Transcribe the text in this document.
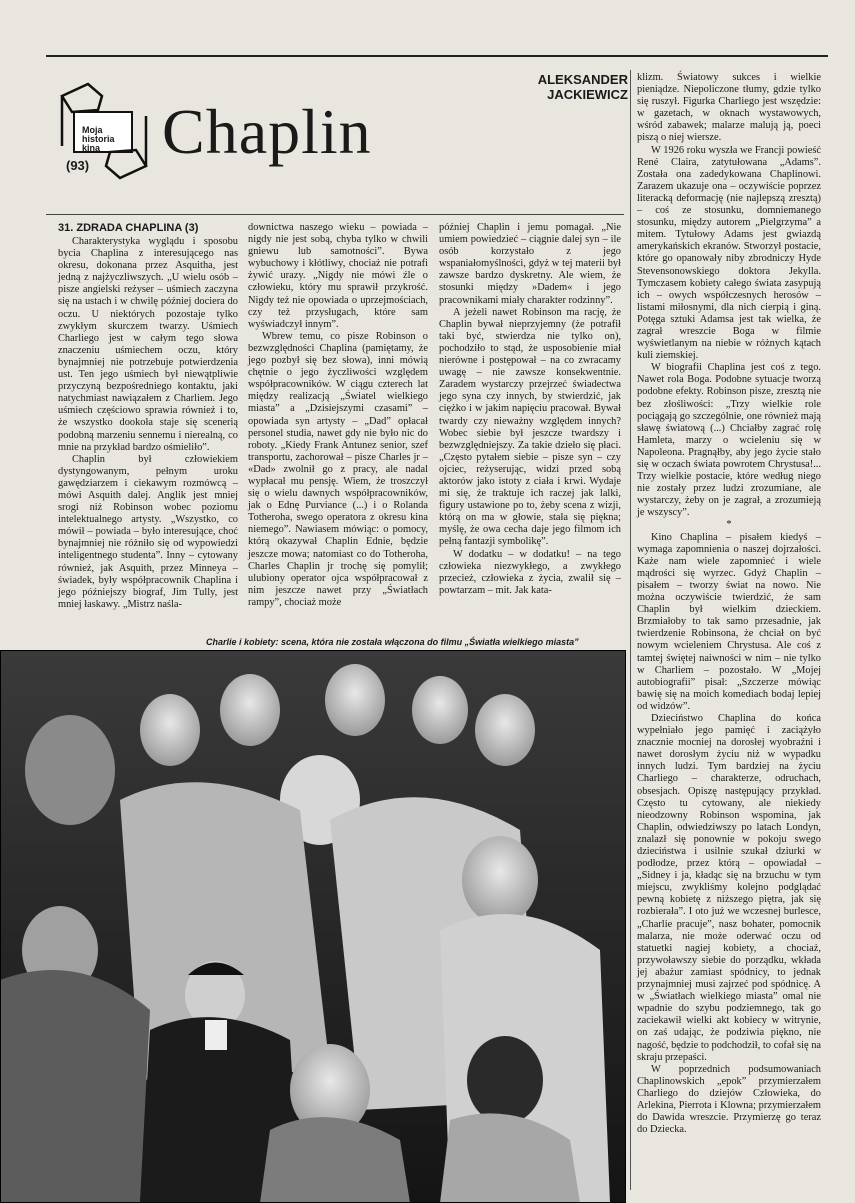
Moja historia kina
(93) Chaplin
ALEKSANDER JACKIEWICZ
31. ZDRADA CHAPLINA (3)

Charakterystyka wyglądu i sposobu bycia Chaplina z interesującego nas okresu, dokonana przez Asquitha, jest jedną z najżyczliwszych. „U wielu osób – pisze angielski reżyser – uśmiech zaczyna się na ustach i w chwilę później dociera do oczu. U niektórych pozostaje tylko zwykłym skurczem twarzy. Uśmiech Charliego jest w całym tego słowa znaczeniu uśmiechem oczu, który bynajmniej nie potrzebuje potwierdzenia ust. Ten jego uśmiech był niewątpliwie przyczyną bezpośredniego kontaktu, jaki natychmiast nawiązałem z Charliem. Jego uśmiech częściowo sprawia również i to, że wszystko dookoła staje się scenerią podobną marzeniu sennemu i nierealną, co mnie na przykład bardzo ośmieliło”.

Chaplin był człowiekiem dystyngowanym, pełnym uroku gawędziarzem i ciekawym rozmówcą – mówi Asquith dalej. Anglik jest mniej srogi niż Robinson wobec poziomu intelektualnego artysty. „Wszystko, co mówił – powiada – było interesujące, choć bynajmniej nie różniło się od wypowiedzi inteligentnego studenta”. Inny – cytowany również, jak Asquith, przez Minneya – świadek, były współpracownik Chaplina i jego późniejszy biograf, Jim Tully, jest mniej łaskawy. „Mistrz naśla-

downictwa naszego wieku – powiada – nigdy nie jest sobą, chyba tylko w chwili gniewu lub samotności”. Bywa wybuchowy i kłótliwy, chociaż nie potrafi żywić urazy. „Nigdy nie mówi źle o człowieku, który mu sprawił przykrość. Nigdy też nie opowiada o uprzejmościach, czy też przysługach, które sam wyświadczył innym”.

Wbrew temu, co pisze Robinson o bezwzględności Chaplina (pamiętamy, że jego pozbył się bez słowa), inni mówią chętnie o jego życzliwości względem współpracowników. W ciągu czterech lat między realizacją „Światel wielkiego miasta” a „Dzisiejszymi czasami” – opowiada syn artysty – „Dad” opłacał personel studia, nawet gdy nie było nic do roboty. „Kiedy Frank Antunez senior, szef transportu, zachorował – pisze Charles jr – «Dad» zwolnił go z pracy, ale nadal wypłacał mu pensję. Wiem, że troszczył się o wielu dawnych współpracowników, jak o Ednę Purviance (...) i o Rolanda Totheroha, swego operatora z okresu kina niemego”. Nawiasem mówiąc: o pomocy, którą okazywał Chaplin Ednie, będzie jeszcze mowa; natomiast co do Totheroha, Charles Chaplin jr trochę się pomylił; ulubiony operator ojca współpracował z nim jeszcze nawet przy „Światłach rampy”, chociaż może

później Chaplin i jemu pomagał. „Nie umiem powiedzieć – ciągnie dalej syn – ile osób korzystało z jego wspaniałomyślności, gdyż w tej materii był zawsze bardzo dyskretny. Ale wiem, że stosunki między »Dadem« i jego pracownikami miały charakter rodzinny”.

A jeżeli nawet Robinson ma rację, że Chaplin bywał nieprzyjemny (że potrafił taki być, stwierdza nie tylko on), pochodziło to stąd, że usposobienie miał nierówne i postępował – na co zwracamy uwagę – nie zawsze konsekwentnie. Zaradem wystarczy przejrzeć świadectwa jego syna czy innych, by stwierdzić, jak ciężko i w jakim napięciu pracował. Bywał twardy czy nieważny względem innych? Wobec siebie był jeszcze twardszy i bezwzględniejszy. Za takie dzieło się płaci. „Często pytałem siebie – pisze syn – czy ojciec, reżyserując, widzi przed sobą aktorów jako istoty z ciała i krwi. Wydaje mi się, że traktuje ich raczej jak lalki, figury ustawione po to, żeby scena z wizji, którą on ma w głowie, stała się piękna; myślę, że owa cecha daje jego filmom ich pełną fantazji symbolikę”.

W dodatku – w dodatku! – na tego człowieka niezwykłego, a zwykłego przecież, człowieka z życia, zwalił się – powtarzam – mit. Jak kata-

klizm. Światowy sukces i wielkie pieniądze. Niepoliczone tłumy, gdzie tylko się ruszył. Figurka Charliego jest wszędzie: w gazetach, w oknach wystawowych, wśród zabawek; malarze malują ją, poeci piszą o niej wiersze.

W 1926 roku wyszła we Francji powieść René Claira, zatytułowana „Adams”. Została ona zadedykowana Chaplinowi. Zarazem ukazuje ona – oczywiście poprzez literacką deformację (nie najlepszą zresztą) – coś ze stosunku, domniemanego stosunku, między autorem „Pielgrzyma” a mitem. Tytułowy Adams jest gwiazdą amerykańskich ekranów. Stworzył postacie, które go opanowały niby zbrodniczy Hyde Stevensonowskiego doktora Jekylla. Tymczasem kobiety całego świata zasypują ich – owych współczesnych herosów – listami miłosnymi, dla nich cierpią i giną. Potęga sztuki Adamsa jest tak wielka, że zagrał wreszcie Boga w filmie wyświetlanym na niebie w różnych kątach kuli ziemskiej.

W biografii Chaplina jest coś z tego. Nawet rola Boga. Podobne sytuacje tworzą podobne efekty. Robinson pisze, zresztą nie bez złośliwości: „Trzy wielkie role pociągają go szczególnie, one również mają sławę światową (...) Chciałby zagrać rolę Hamleta, marzy o wcieleniu się w Napoleona. Pragnąłby, aby jego życie stało się w oczach świata powrotem Chrystusa!... Trzy wielkie postacie, które według niego nie zostały przez ludzi zrozumiane, ale wystarczy, żeby on je zagrał, a zrozumieją je wszyscy”.

*

Kino Chaplina – pisałem kiedyś – wymaga zapomnienia o naszej dojrzałości. Każe nam wiele zapomnieć i wiele mądrości się wyrzec. Gdyż Chaplin – pisałem – tworzy świat na nowo. Nie można oczywiście twierdzić, że sam Chaplin był wielkim dzieckiem. Brzmiałoby to tak samo przesadnie, jak twierdzenie Robinsona, że chciał on być nowym wcieleniem Chrystusa. Ale coś z tamtej świętej naiwności w nim – nie tylko w Charliem – pozostało. W „Mojej autobiografii” pisał: „Szczerze mówiąc bawię się na moich komediach bodaj lepiej od widzów”.

Dzieciństwo Chaplina do końca wypełniało jego pamięć i zaciążyło znacznie mocniej na dorosłej wyobraźni i nawet dorosłym życiu niż w wypadku innych ludzi. Tym bardziej na życiu Charliego – charakterze, odruchach, obsesjach. Opiszę następujący przykład. Często tu cytowany, ale niekiedy nieodzowny Robinson wspomina, jak Chaplin, odwiedziwszy po latach Londyn, znalazł się ponownie w pokoju swego dzieciństwa i usilnie szukał dziurki w podłodze, przez którą – opowiadał – „Sidney i ja, kładąc się na brzuchu w tym miejscu, zwykliśmy kolejno podglądać pewną kobietę z niższego piętra, jak się rozbierała”. I oto już we wczesnej burlesce, „Charlie pracuje”, nasz bohater, pomocnik malarza, nie może oderwać oczu od statuetki nagiej kobiety, a chociaż, przywoławszy siebie do porządku, wkłada jej abażur zamiast spódnicy, to jednak przynajmniej musi zajrzeć pod spódnicę. A w „Światłach wielkiego miasta” omal nie wpadnie do szybu podziemnego, tak go zaciekawił wielki akt kobiecy w witrynie, on zaś udając, że podziwia piękno, nie nagość, będzie to podchodził, to cofał się na skraju przepaści.

W poprzednich podsumowaniach Chaplinowskich „epok” przymierzałem Charliego do dziejów Człowieka, do Arlekina, Pierrota i Klowna; przymierzałem do Dawida wreszcie. Przymierzę go teraz do Dziecka.

Charlie i kobiety: scena, która nie została włączona do filmu „Światła wielkiego miasta”
